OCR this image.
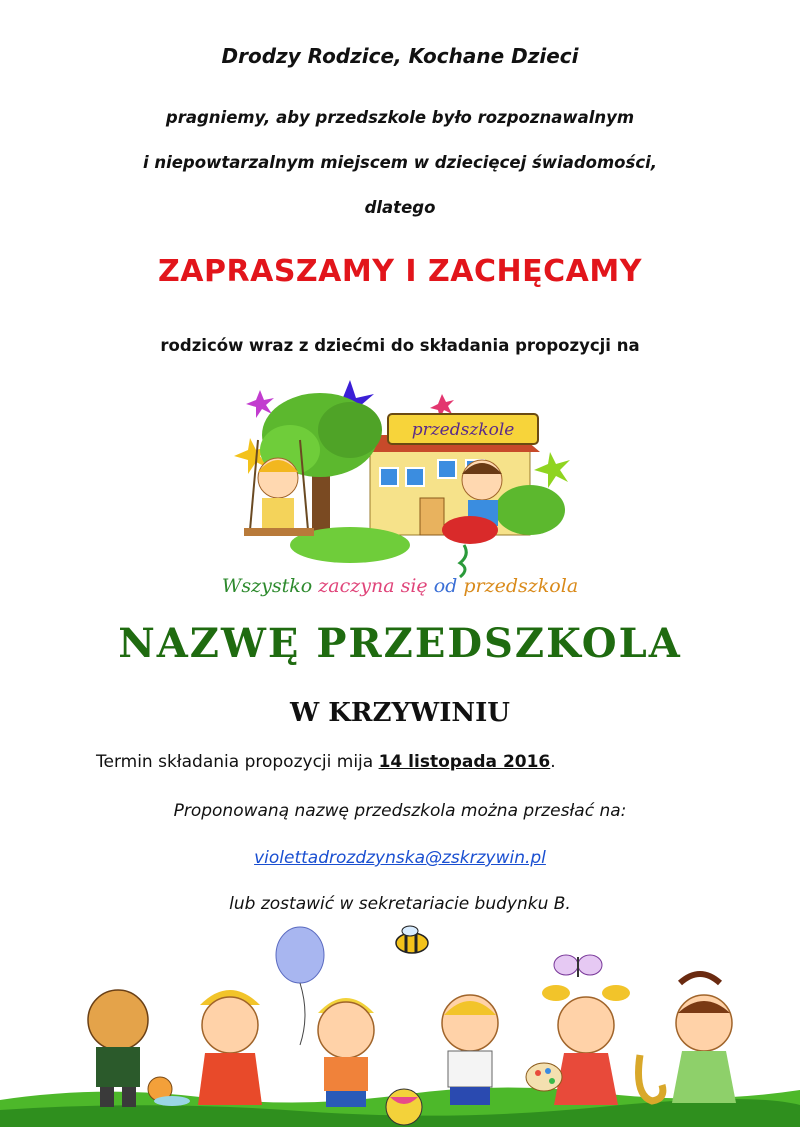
Drodzy Rodzice, Kochane Dzieci
pragniemy, aby przedszkole było rozpoznawalnym
i niepowtarzalnym miejscem w dziecięcej świadomości,
dlatego
ZAPRASZAMY I ZACHĘCAMY
rodziców wraz z dziećmi do składania propozycji na
przedszkole
Wszystko zaczyna się od przedszkola
NAZWĘ PRZEDSZKOLA
W KRZYWINIU
Termin składania propozycji mija 14 listopada 2016.
Proponowaną nazwę przedszkola można przesłać na:
violettadrozdzynska@zskrzywin.pl
lub zostawić w sekretariacie budynku B.
